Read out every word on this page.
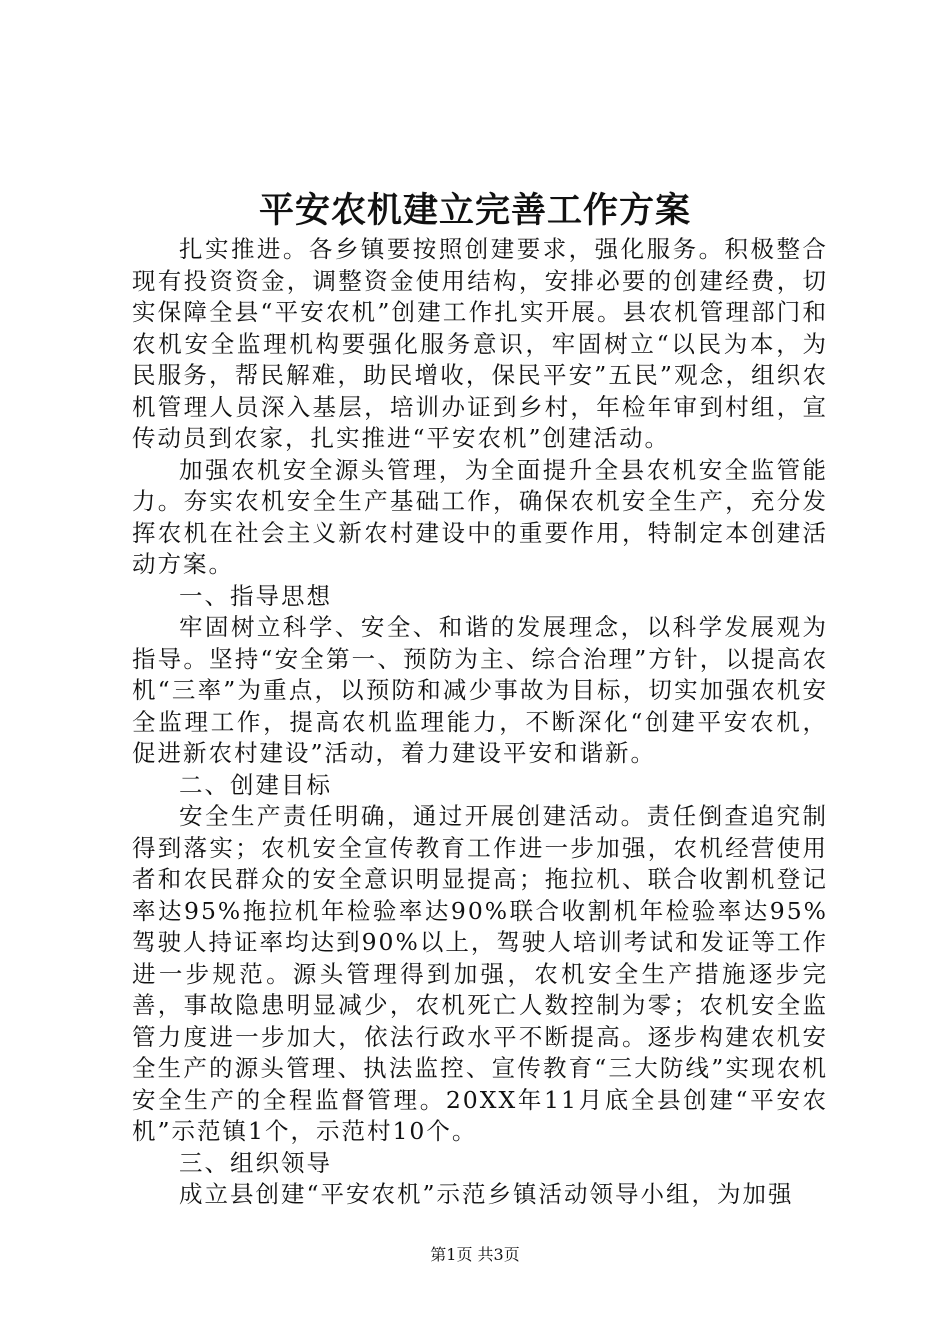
平安农机建立完善工作方案

扎实推进。各乡镇要按照创建要求，强化服务。积极整合现有投资资金，调整资金使用结构，安排必要的创建经费，切实保障全县“平安农机”创建工作扎实开展。县农机管理部门和农机安全监理机构要强化服务意识，牢固树立“以民为本，为民服务，帮民解难，助民增收，保民平安”五民”观念，组织农机管理人员深入基层，培训办证到乡村，年检年审到村组，宣传动员到农家，扎实推进“平安农机”创建活动。

加强农机安全源头管理，为全面提升全县农机安全监管能力。夯实农机安全生产基础工作，确保农机安全生产，充分发挥农机在社会主义新农村建设中的重要作用，特制定本创建活动方案。

一、指导思想

牢固树立科学、安全、和谐的发展理念，以科学发展观为指导。坚持“安全第一、预防为主、综合治理”方针，以提高农机“三率”为重点，以预防和减少事故为目标，切实加强农机安全监理工作，提高农机监理能力，不断深化“创建平安农机，促进新农村建设”活动，着力建设平安和谐新。

二、创建目标

安全生产责任明确，通过开展创建活动。责任倒查追究制得到落实；农机安全宣传教育工作进一步加强，农机经营使用者和农民群众的安全意识明显提高；拖拉机、联合收割机登记率达95%拖拉机年检验率达90%联合收割机年检验率达95%驾驶人持证率均达到90%以上，驾驶人培训考试和发证等工作进一步规范。源头管理得到加强，农机安全生产措施逐步完善，事故隐患明显减少，农机死亡人数控制为零；农机安全监管力度进一步加大，依法行政水平不断提高。逐步构建农机安全生产的源头管理、执法监控、宣传教育“三大防线”实现农机安全生产的全程监督管理。20XX年11月底全县创建“平安农机”示范镇1个，示范村10个。

三、组织领导

成立县创建“平安农机”示范乡镇活动领导小组，为加强

第1页 共3页
